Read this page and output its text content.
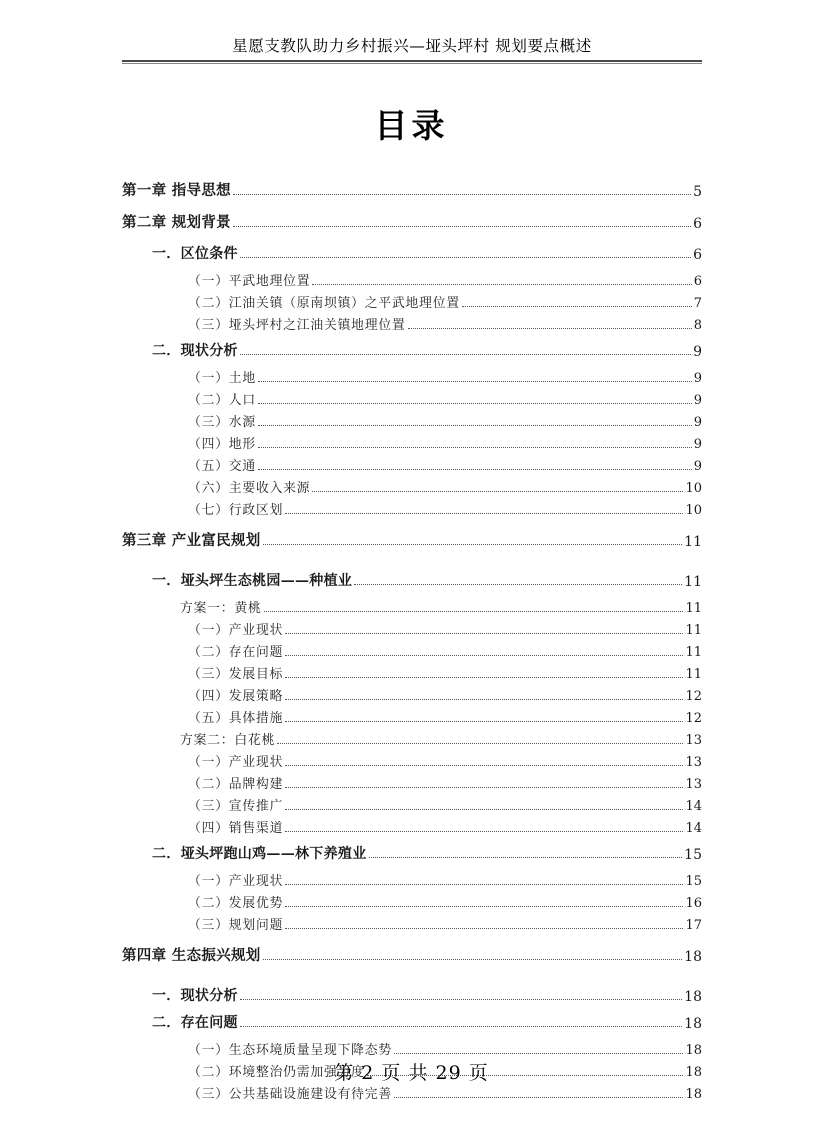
星愿支教队助力乡村振兴—垭头坪村 规划要点概述
目录
第一章 指导思想	5
第二章 规划背景	6
一．区位条件	6
（一）平武地理位置	6
（二）江油关镇（原南坝镇）之平武地理位置	7
（三）垭头坪村之江油关镇地理位置	8
二．现状分析	9
（一）土地	9
（二）人口	9
（三）水源	9
（四）地形	9
（五）交通	9
（六）主要收入来源	10
（七）行政区划	10
第三章 产业富民规划	11
一．垭头坪生态桃园——种植业	11
方案一：黄桃	11
（一）产业现状	11
（二）存在问题	11
（三）发展目标	11
（四）发展策略	12
（五）具体措施	12
方案二：白花桃	13
（一）产业现状	13
（二）品牌构建	13
（三）宣传推广	14
（四）销售渠道	14
二．垭头坪跑山鸡——林下养殖业	15
（一）产业现状	15
（二）发展优势	16
（三）规划问题	17
第四章 生态振兴规划	18
一．现状分析	18
二．存在问题	18
（一）生态环境质量呈现下降态势	18
（二）环境整治仍需加强力度	18
（三）公共基础设施建设有待完善	18
第 2 页 共 29 页
